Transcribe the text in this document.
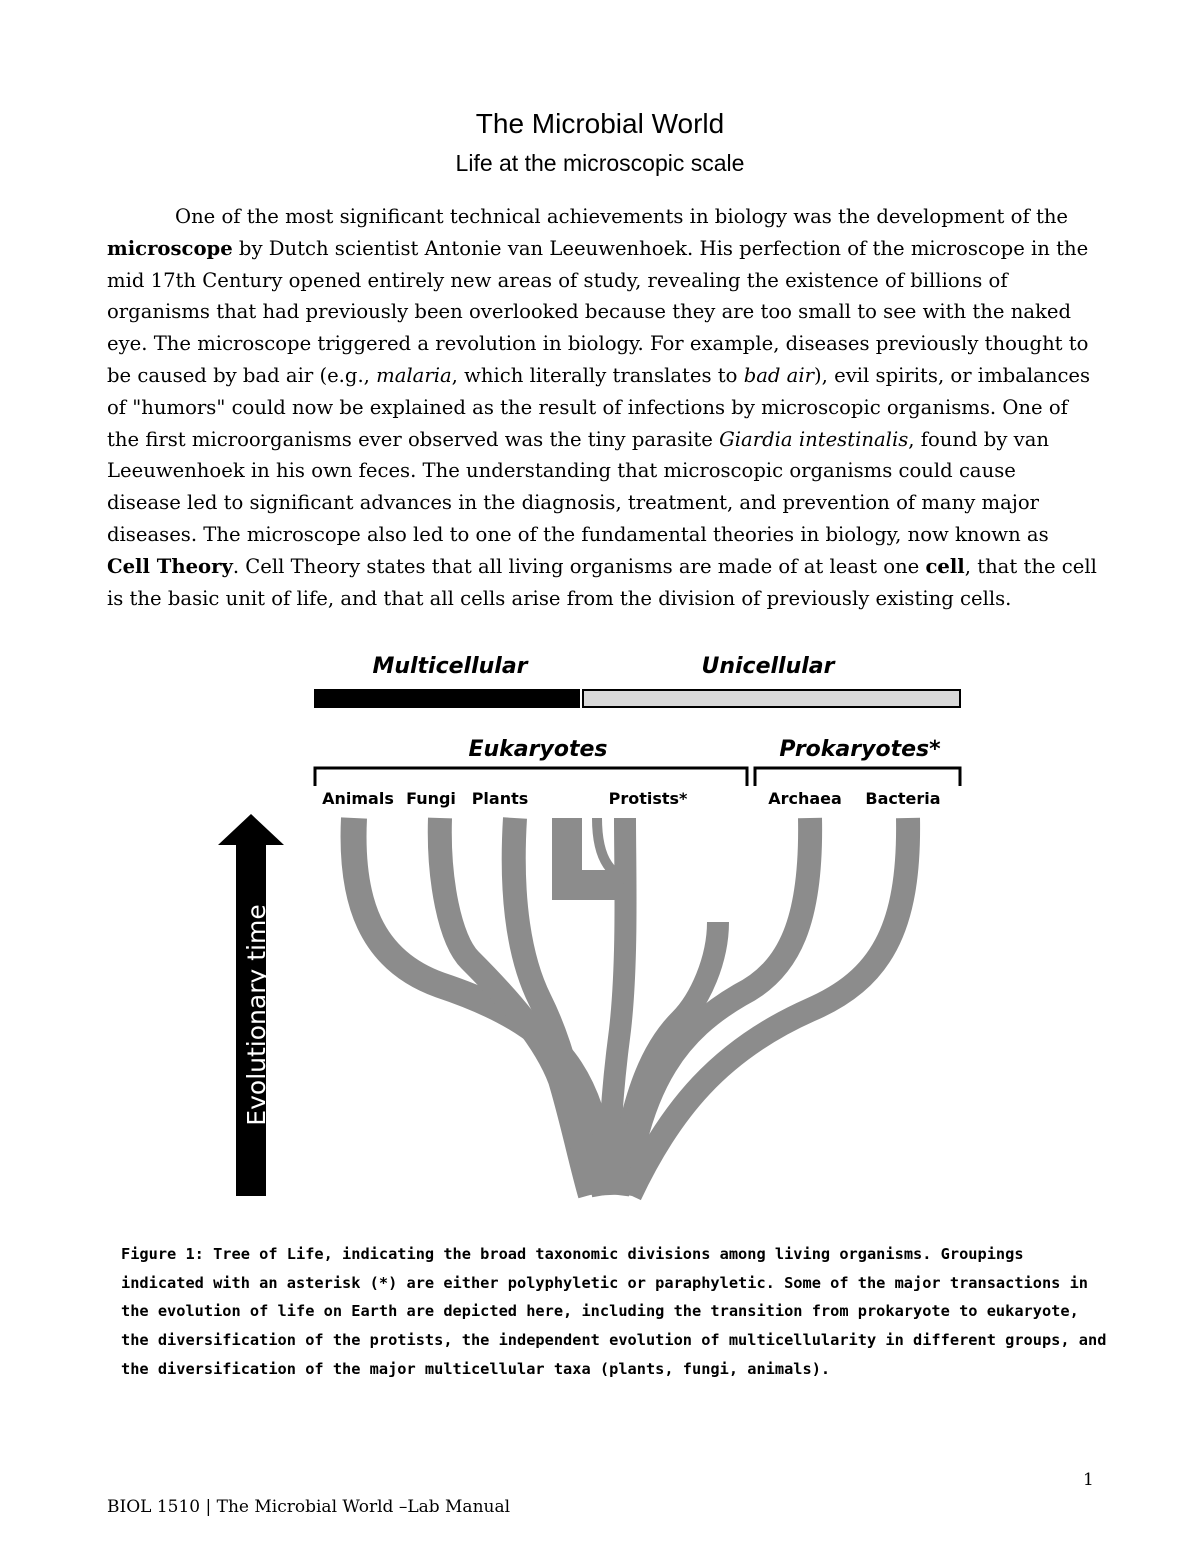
The Microbial World
Life at the microscopic scale
One of the most significant technical achievements in biology was the development of the
microscope by Dutch scientist Antonie van Leeuwenhoek. His perfection of the microscope in the
mid 17th Century opened entirely new areas of study, revealing the existence of billions of
organisms that had previously been overlooked because they are too small to see with the naked
eye. The microscope triggered a revolution in biology. For example, diseases previously thought to
be caused by bad air (e.g., malaria, which literally translates to bad air), evil spirits, or imbalances
of "humors" could now be explained as the result of infections by microscopic organisms. One of
the first microorganisms ever observed was the tiny parasite Giardia intestinalis, found by van
Leeuwenhoek in his own feces. The understanding that microscopic organisms could cause
disease led to significant advances in the diagnosis, treatment, and prevention of many major
diseases. The microscope also led to one of the fundamental theories in biology, now known as
Cell Theory. Cell Theory states that all living organisms are made of at least one cell, that the cell
is the basic unit of life, and that all cells arise from the division of previously existing cells.
Multicellular	Unicellular
Eukaryotes	Prokaryotes*
Animals Fungi Plants	Protists*	Archaea Bacteria
Evolutionary time
Figure 1: Tree of Life, indicating the broad taxonomic divisions among living organisms. Groupings
indicated with an asterisk (*) are either polyphyletic or paraphyletic. Some of the major transactions in
the evolution of life on Earth are depicted here, including the transition from prokaryote to eukaryote,
the diversification of the protists, the independent evolution of multicellularity in different groups, and
the diversification of the major multicellular taxa (plants, fungi, animals).
1
BIOL 1510 | The Microbial World –Lab Manual
